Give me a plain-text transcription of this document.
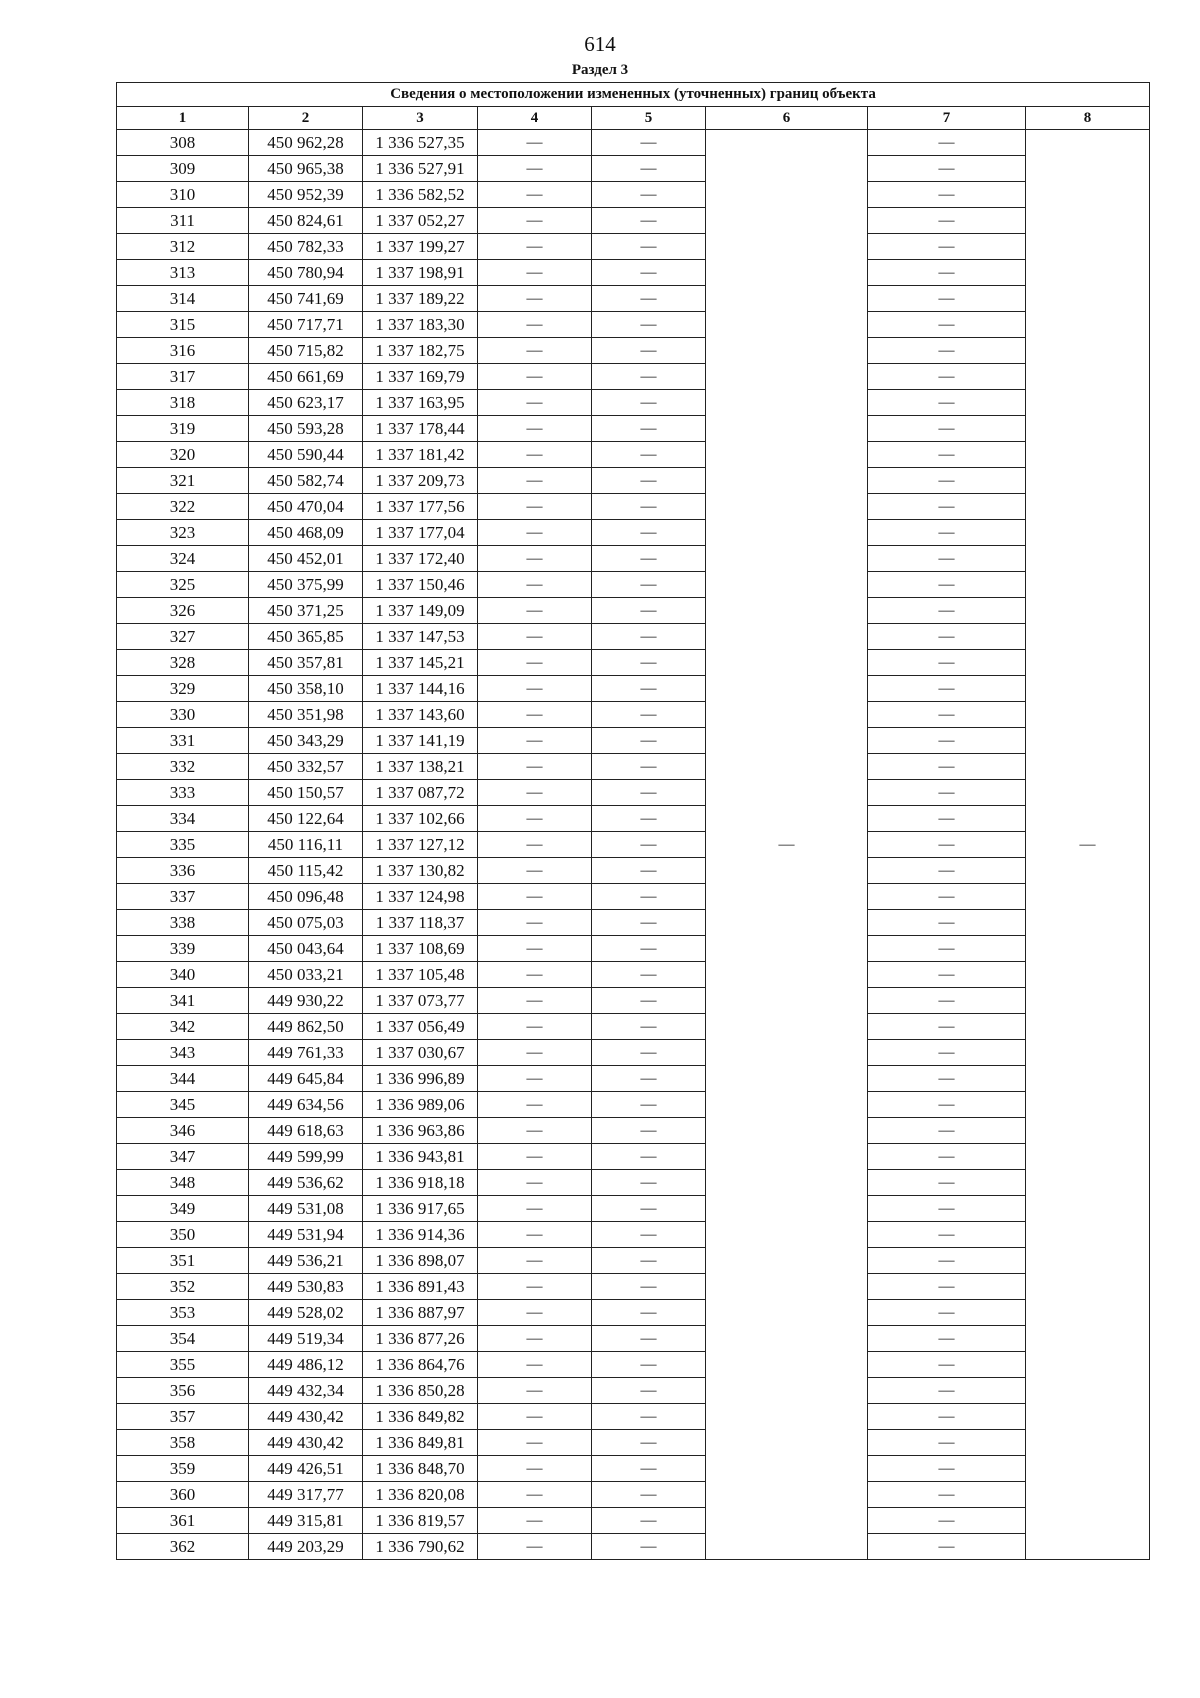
614
Раздел 3
Сведения о местоположении измененных (уточненных) границ объекта							
1	2	3	4	5	6	7	8
308	450 962,28	1 336 527,35	—	—	—	—	—
309	450 965,38	1 336 527,91	—	—		—	
310	450 952,39	1 336 582,52	—	—		—	
311	450 824,61	1 337 052,27	—	—		—	
312	450 782,33	1 337 199,27	—	—		—	
313	450 780,94	1 337 198,91	—	—		—	
314	450 741,69	1 337 189,22	—	—		—	
315	450 717,71	1 337 183,30	—	—		—	
316	450 715,82	1 337 182,75	—	—		—	
317	450 661,69	1 337 169,79	—	—		—	
318	450 623,17	1 337 163,95	—	—		—	
319	450 593,28	1 337 178,44	—	—		—	
320	450 590,44	1 337 181,42	—	—		—	
321	450 582,74	1 337 209,73	—	—		—	
322	450 470,04	1 337 177,56	—	—		—	
323	450 468,09	1 337 177,04	—	—		—	
324	450 452,01	1 337 172,40	—	—		—	
325	450 375,99	1 337 150,46	—	—		—	
326	450 371,25	1 337 149,09	—	—		—	
327	450 365,85	1 337 147,53	—	—		—	
328	450 357,81	1 337 145,21	—	—		—	
329	450 358,10	1 337 144,16	—	—		—	
330	450 351,98	1 337 143,60	—	—		—	
331	450 343,29	1 337 141,19	—	—		—	
332	450 332,57	1 337 138,21	—	—		—	
333	450 150,57	1 337 087,72	—	—		—	
334	450 122,64	1 337 102,66	—	—		—	
335	450 116,11	1 337 127,12	—	—		—	
336	450 115,42	1 337 130,82	—	—		—	
337	450 096,48	1 337 124,98	—	—		—	
338	450 075,03	1 337 118,37	—	—		—	
339	450 043,64	1 337 108,69	—	—		—	
340	450 033,21	1 337 105,48	—	—		—	
341	449 930,22	1 337 073,77	—	—		—	
342	449 862,50	1 337 056,49	—	—		—	
343	449 761,33	1 337 030,67	—	—		—	
344	449 645,84	1 336 996,89	—	—		—	
345	449 634,56	1 336 989,06	—	—		—	
346	449 618,63	1 336 963,86	—	—		—	
347	449 599,99	1 336 943,81	—	—		—	
348	449 536,62	1 336 918,18	—	—		—	
349	449 531,08	1 336 917,65	—	—		—	
350	449 531,94	1 336 914,36	—	—		—	
351	449 536,21	1 336 898,07	—	—		—	
352	449 530,83	1 336 891,43	—	—		—	
353	449 528,02	1 336 887,97	—	—		—	
354	449 519,34	1 336 877,26	—	—		—	
355	449 486,12	1 336 864,76	—	—		—	
356	449 432,34	1 336 850,28	—	—		—	
357	449 430,42	1 336 849,82	—	—		—	
358	449 430,42	1 336 849,81	—	—		—	
359	449 426,51	1 336 848,70	—	—		—	
360	449 317,77	1 336 820,08	—	—		—	
361	449 315,81	1 336 819,57	—	—		—	
362	449 203,29	1 336 790,62	—	—		—	
